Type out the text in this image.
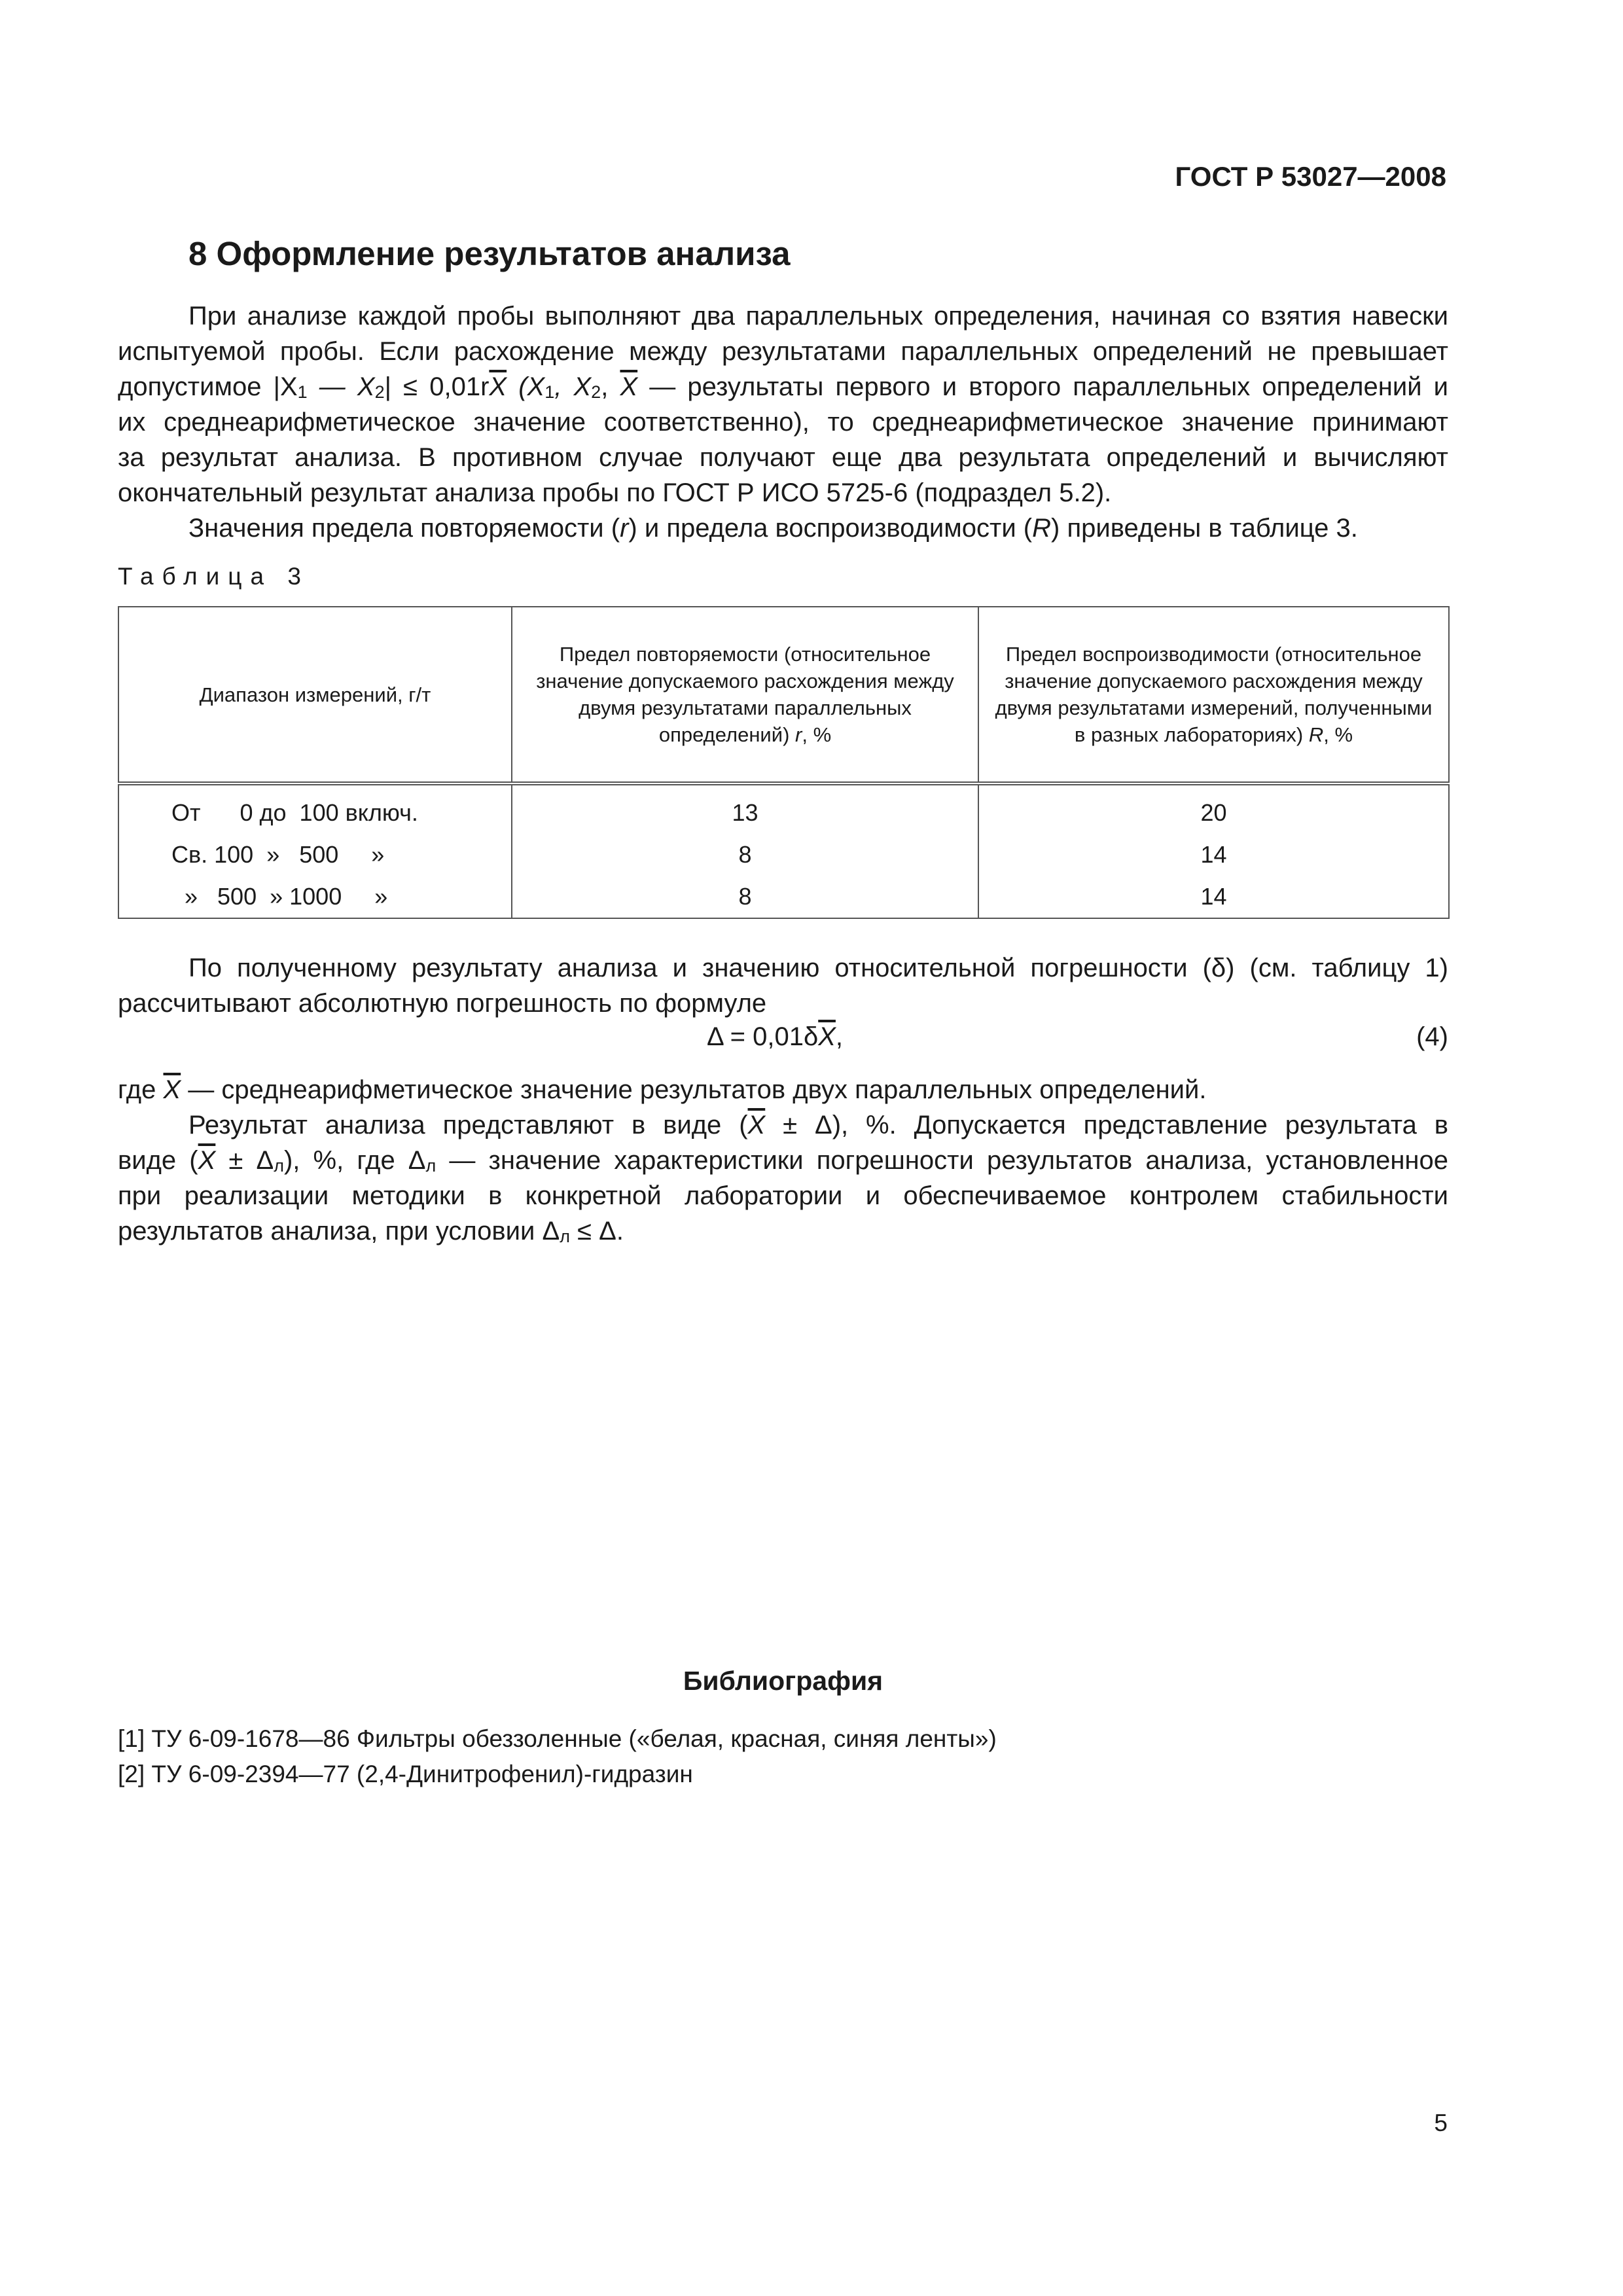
ГОСТ Р 53027—2008
8 Оформление результатов анализа
При анализе каждой пробы выполняют два параллельных определения, начиная со взятия навески
испытуемой пробы. Если расхождение между результатами параллельных определений не превышает
допустимое $|X_1$ — $X_2| \le 0,01r\overline{X}$ ($X_1$, $X_2$, $\overline{X}$ — результаты первого и второго параллельных определений и
их среднеарифметическое значение соответственно), то среднеарифметическое значение принимают
за результат анализа. В противном случае получают еще два результата определений и вычисляют
окончательный результат анализа пробы по ГОСТ Р ИСО 5725-6 (подраздел 5.2).
Значения предела повторяемости (r) и предела воспроизводимости (R) приведены в таблице 3.
Таблица 3
Диапазон измерений, г/т	Предел повторяемости (относительное значение допускаемого расхождения между двумя результатами параллельных определений) r, %	Предел воспроизводимости (относительное значение допускаемого расхождения между двумя результатами измерений, полученными в разных лабораториях) R, %
От      0 до  100 включ.	13	20
Св. 100  »   500     »	8	14
»   500  » 1000     »	8	14
По полученному результату анализа и значению относительной погрешности (δ) (см. таблицу 1)
рассчитывают абсолютную погрешность по формуле
$\Delta = 0,01\delta\overline{X}$,	(4)
где $\overline{X}$ — среднеарифметическое значение результатов двух параллельных определений.
Результат анализа представляют в виде $(\overline{X} \pm \Delta)$, %. Допускается представление результата в
виде $(\overline{X} \pm \Delta_л)$, %, где $\Delta_л$ — значение характеристики погрешности результатов анализа, установленное
при реализации методики в конкретной лаборатории и обеспечиваемое контролем стабильности
результатов анализа, при условии $\Delta_л \le \Delta$.
Библиография
[1] ТУ 6-09-1678—86 Фильтры обеззоленные («белая, красная, синяя ленты»)
[2] ТУ 6-09-2394—77 (2,4-Динитрофенил)-гидразин
5
